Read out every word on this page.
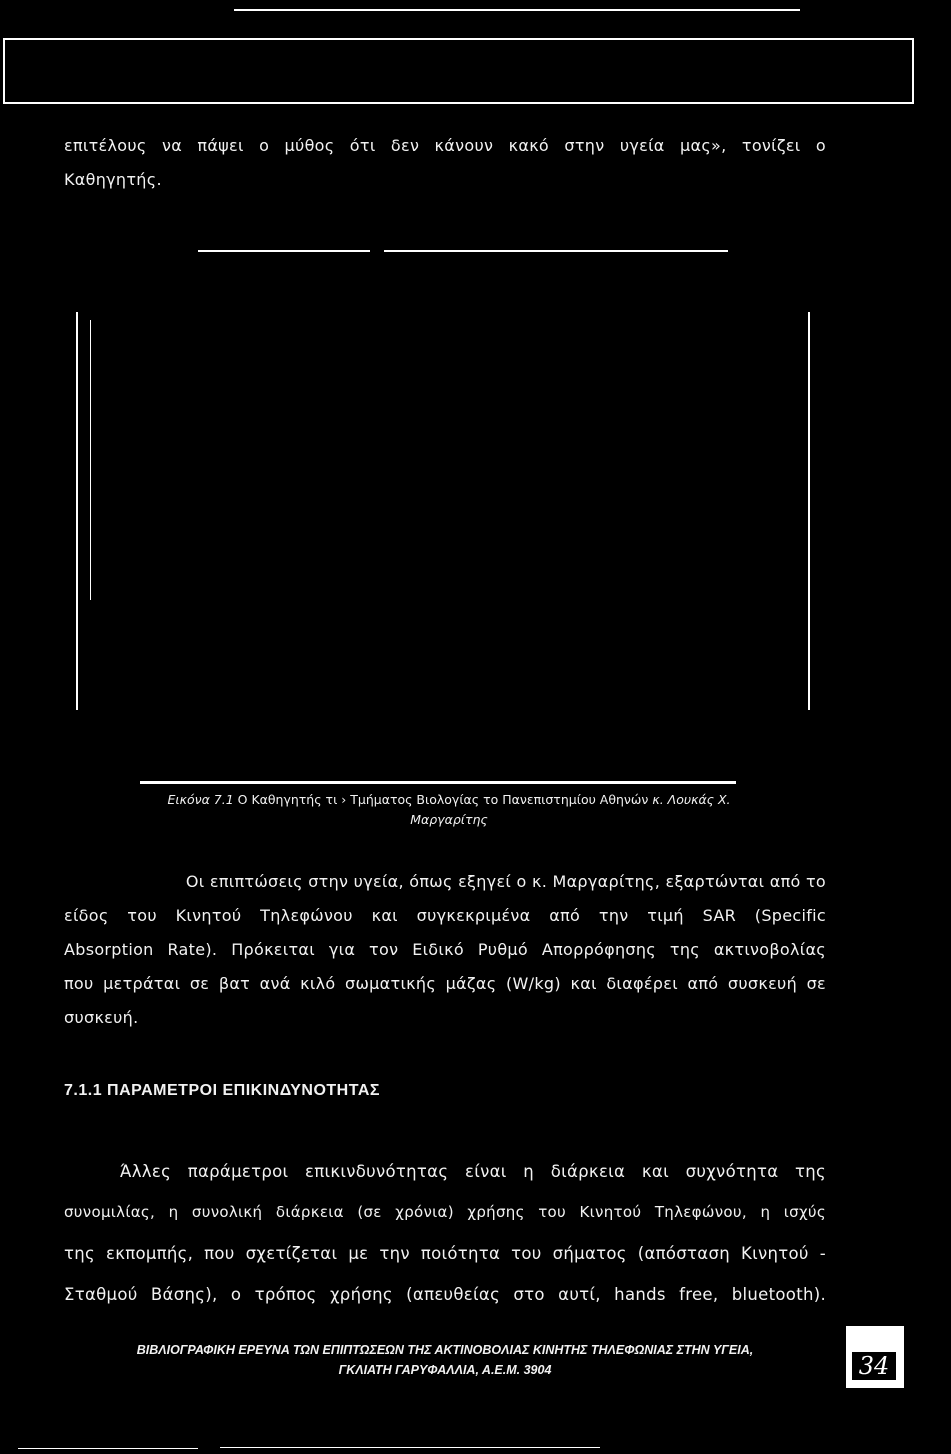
επιτέλους να πάψει ο μύθος ότι δεν κάνουν κακό στην υγεία μας», τονίζει ο
Καθηγητής.
Εικόνα 7.1 Ο Καθηγητής τι › Τμήματος Βιολογίας το Πανεπιστημίου Αθηνών κ. Λουκάς Χ.
Μαργαρίτης
Οι επιπτώσεις στην υγεία, όπως εξηγεί ο κ. Μαργαρίτης, εξαρτώνται από το
είδος του Κινητού Τηλεφώνου και συγκεκριμένα από την τιμή SAR (Specific
Absorption Rate). Πρόκειται για τον Ειδικό Ρυθμό Απορρόφησης της ακτινοβολίας
που μετράται σε βατ ανά κιλό σωματικής μάζας (W/kg) και διαφέρει από συσκευή σε
συσκευή.
7.1.1 ΠΑΡΑΜΕΤΡΟΙ ΕΠΙΚΙΝΔΥΝΟΤΗΤΑΣ
Άλλες παράμετροι επικινδυνότητας είναι η διάρκεια και συχνότητα της
συνομιλίας, η συνολική διάρκεια (σε χρόνια) χρήσης του Κινητού Τηλεφώνου, η ισχύς
της εκπομπής, που σχετίζεται με την ποιότητα του σήματος (απόσταση Κινητού -
Σταθμού Βάσης), ο τρόπος χρήσης (απευθείας στο αυτί, hands free, bluetooth).
ΒΙΒΛΙΟΓΡΑΦΙΚΗ ΕΡΕΥΝΑ ΤΩΝ ΕΠΙΠΤΩΣΕΩΝ ΤΗΣ ΑΚΤΙΝΟΒΟΛΙΑΣ ΚΙΝΗΤΗΣ ΤΗΛΕΦΩΝΙΑΣ ΣΤΗΝ ΥΓΕΙΑ,
ΓΚΛΙΑΤΗ ΓΑΡΥΦΑΛΛΙΑ, Α.Ε.Μ. 3904	34
